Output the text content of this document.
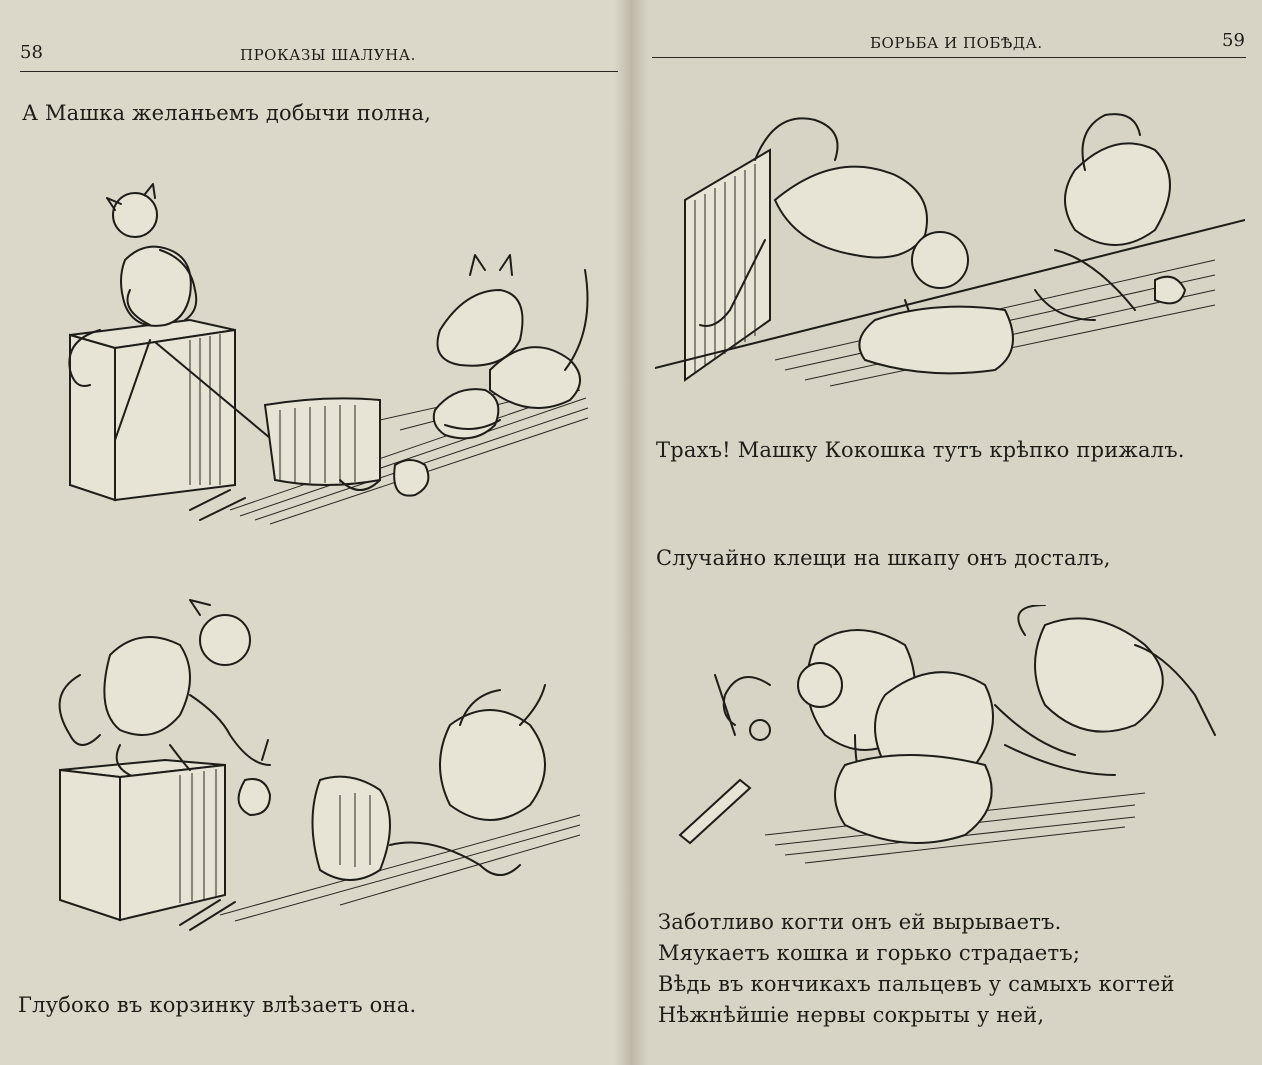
58	ПРОКАЗЫ ШАЛУНА.
БОРЬБА И ПОБѢДА.	59
А Машка желаньемъ добычи полна,
Глубоко въ корзинку влѣзаетъ она.
Трахъ! Машку Кокошка тутъ крѣпко прижалъ.
Случайно клещи на шкапу онъ досталъ,
Заботливо когти онъ ей вырываетъ.
Мяукаетъ кошка и горько страдаетъ;
Вѣдь въ кончикахъ пальцевъ у самыхъ когтей
Нѣжнѣйшіе нервы сокрыты у ней,
